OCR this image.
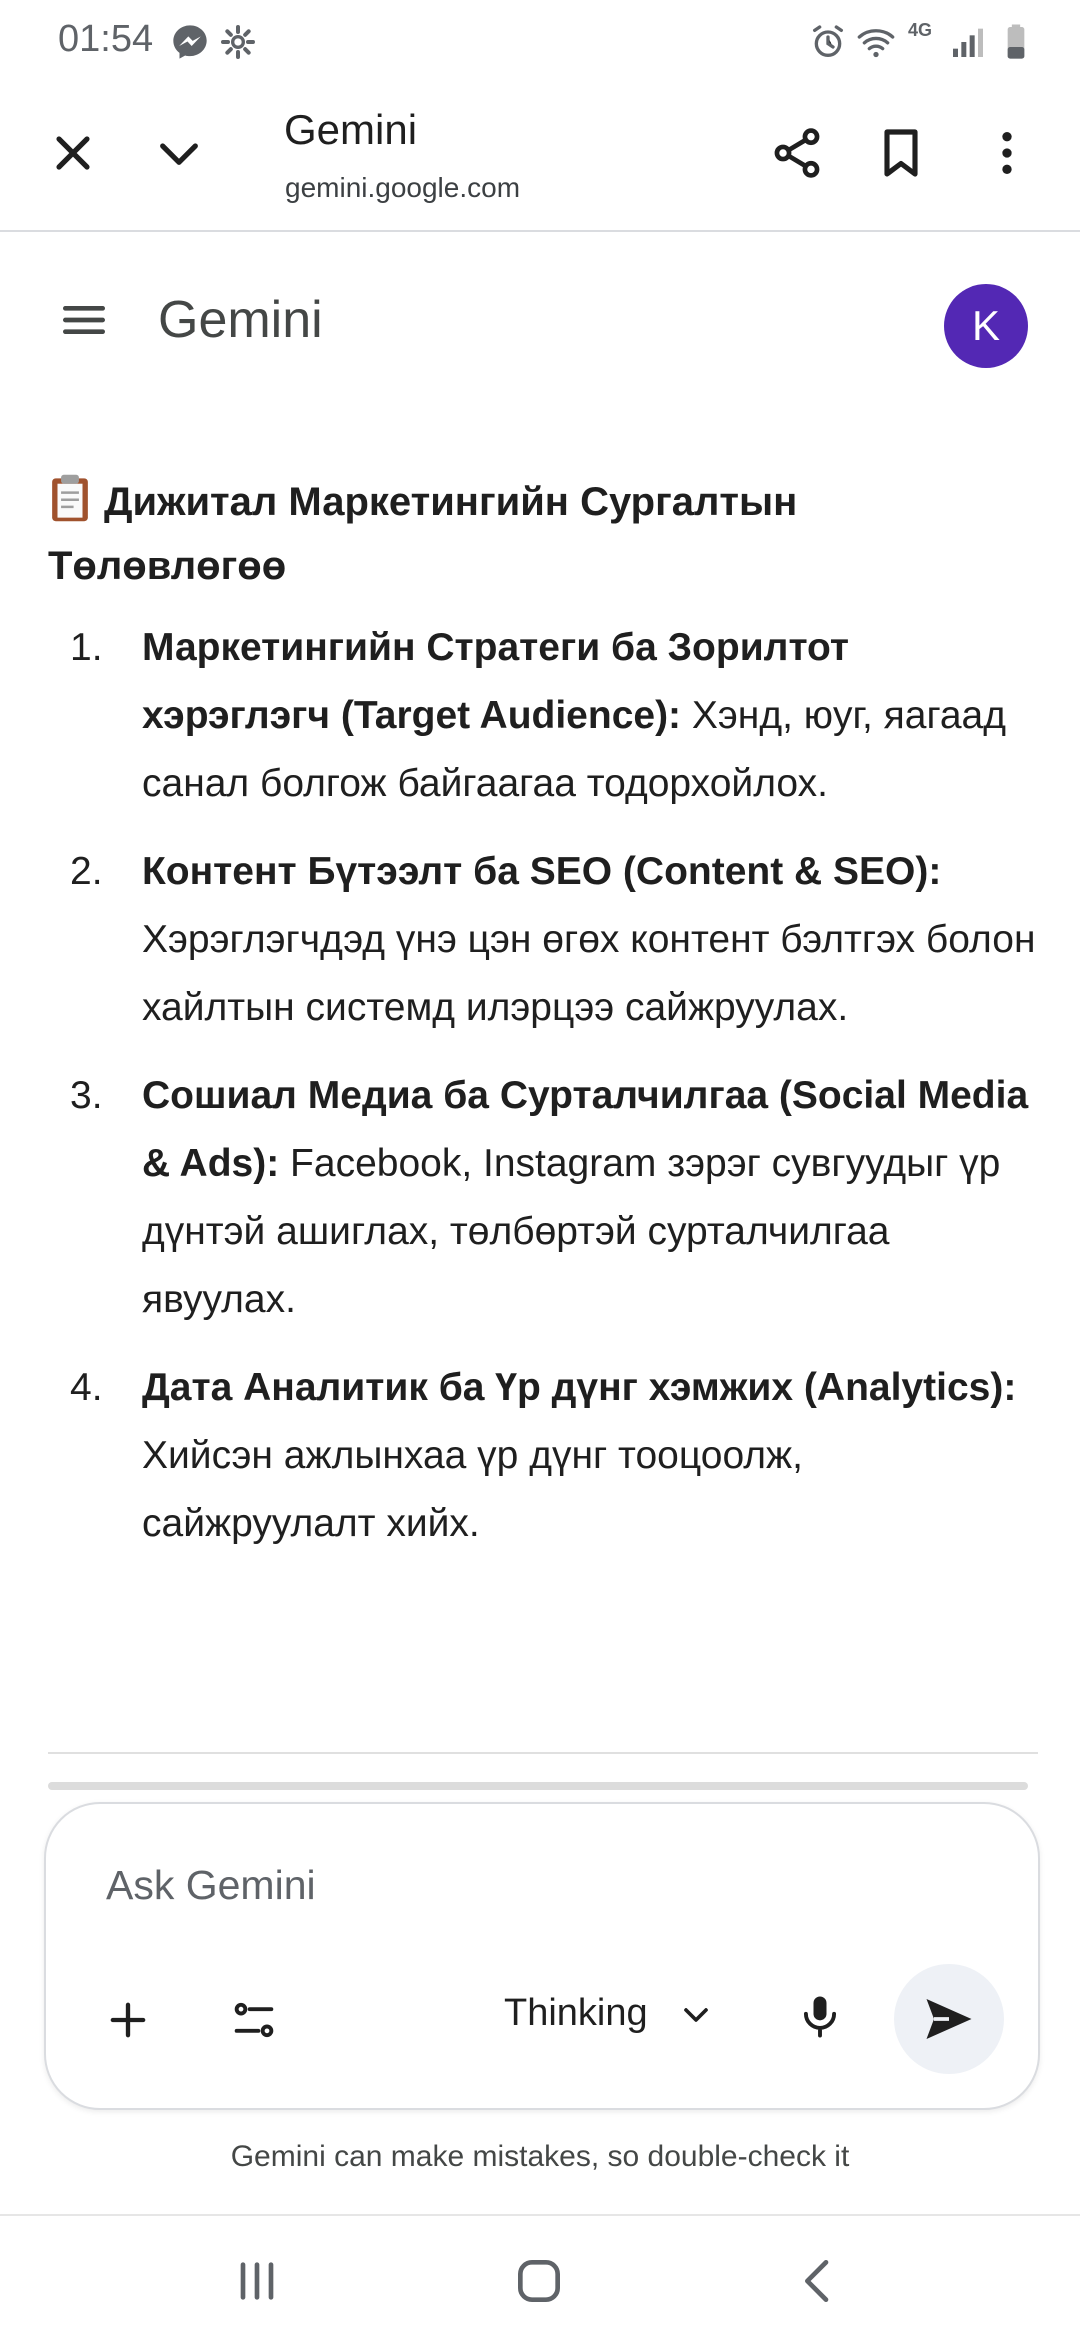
01:54	4G
Gemini
gemini.google.com
Gemini	K
Дижитал Маркетингийн Сургалтын Төлөвлөгөө
1. Маркетингийн Стратеги ба Зорилтот хэрэглэгч (Target Audience): Хэнд, юуг, яагаад санал болгож байгаагаа тодорхойлох.
2. Контент Бүтээлт ба SEO (Content & SEO): Хэрэглэгчдэд үнэ цэн өгөх контент бэлтгэх болон хайлтын системд илэрцээ сайжруулах.
3. Сошиал Медиа ба Сурталчилгаа (Social Media & Ads): Facebook, Instagram зэрэг сувгуудыг үр дүнтэй ашиглах, төлбөртэй сурталчилгаа явуулах.
4. Дата Аналитик ба Үр дүнг хэмжих (Analytics): Хийсэн ажлынхаа үр дүнг тооцоолж, сайжруулалт хийх.
Ask Gemini
Thinking
Gemini can make mistakes, so double-check it
